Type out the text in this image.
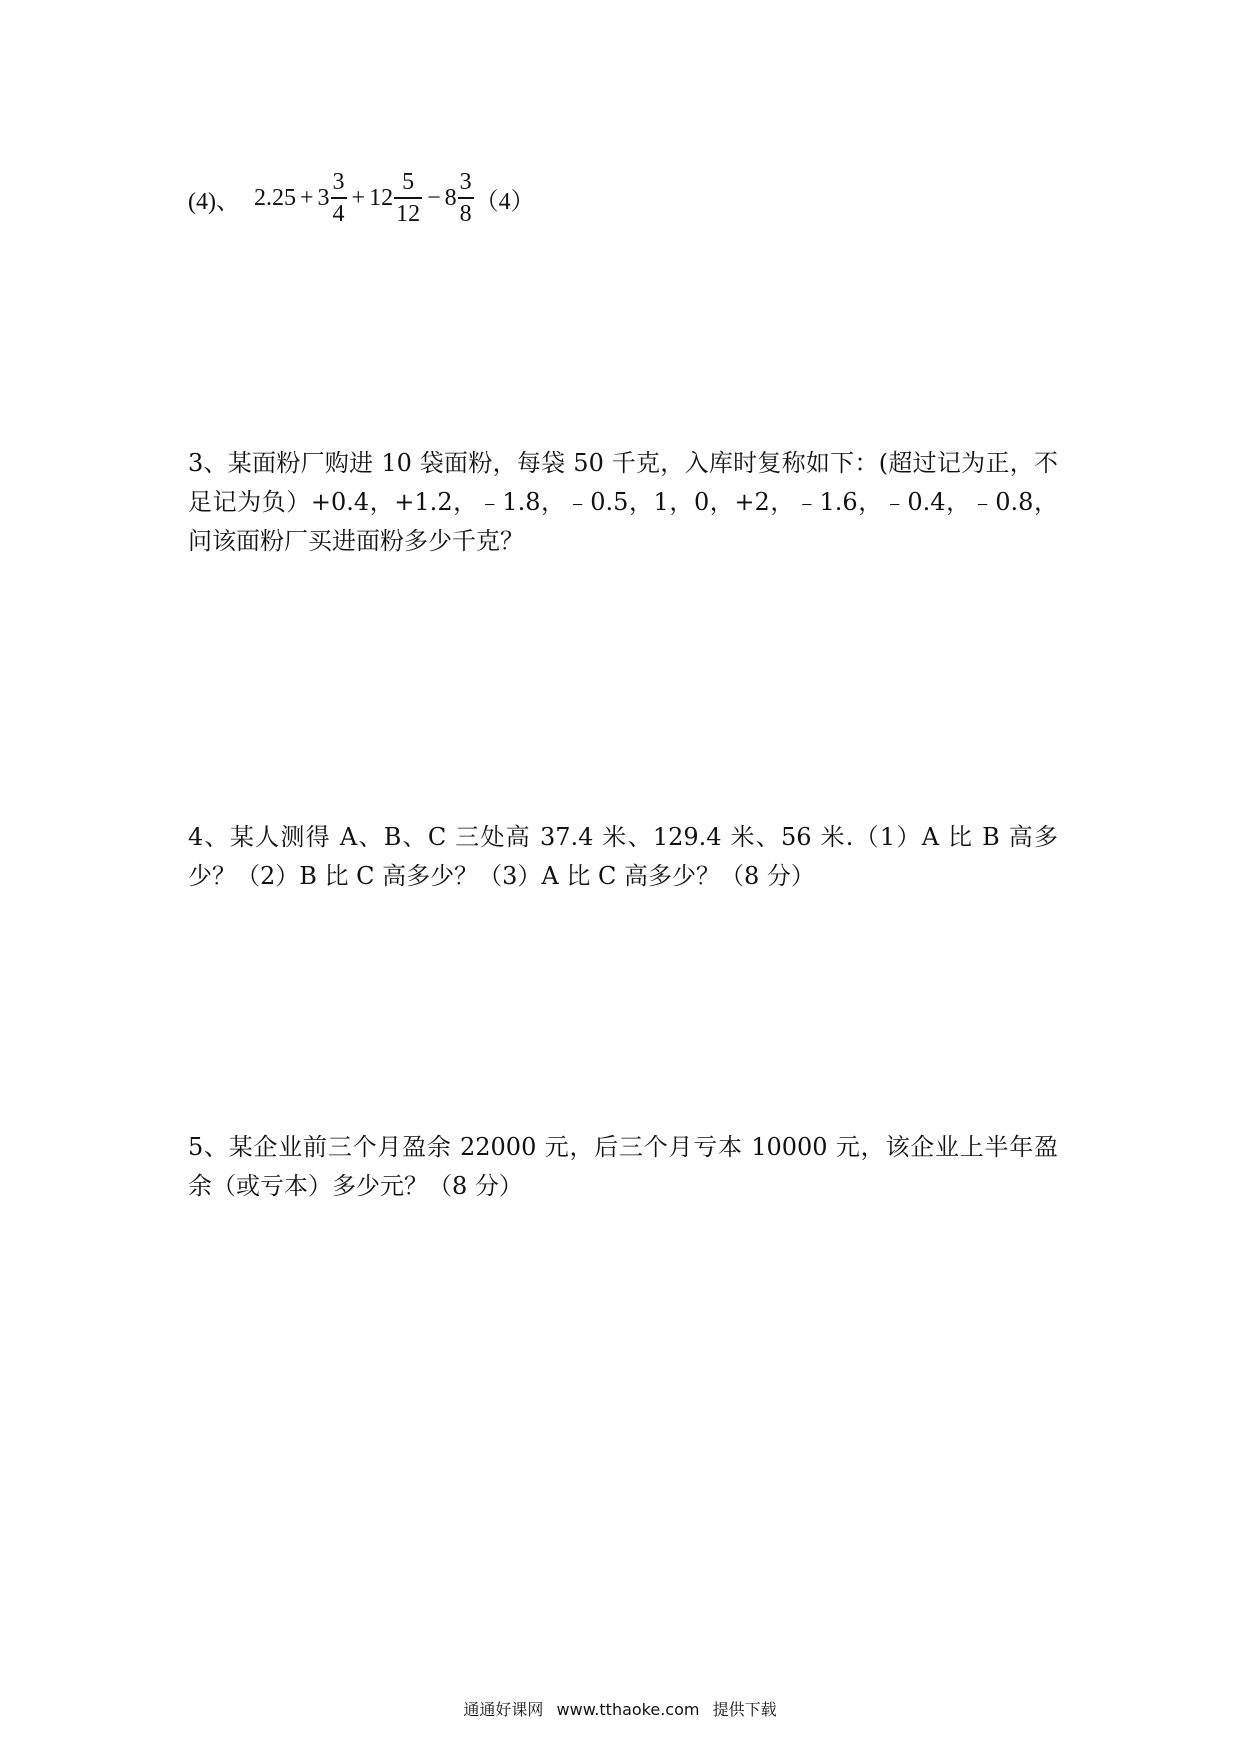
(4)、 $2.25 + 3 \frac{3}{4} + 12 \frac{5}{12} - 8 \frac{3}{8} (4)$
3、某面粉厂购进 10 袋面粉，每袋 50 千克，入库时复称如下：(超过记为正，不足记为负）+0.4，+1.2，﹣1.8，﹣0.5，1，0，+2，﹣1.6，﹣0.4，﹣0.8，问该面粉厂买进面粉多少千克？
4、某人测得 A、B、C 三处高 37.4 米、129.4 米、56 米.（1）A 比 B 高多少？（2）B 比 C 高多少？（3）A 比 C 高多少？（8 分）
5、某企业前三个月盈余 22000 元，后三个月亏本 10000 元，该企业上半年盈余（或亏本）多少元？（8 分）
通通好课网 www.tthaoke.com 提供下载
